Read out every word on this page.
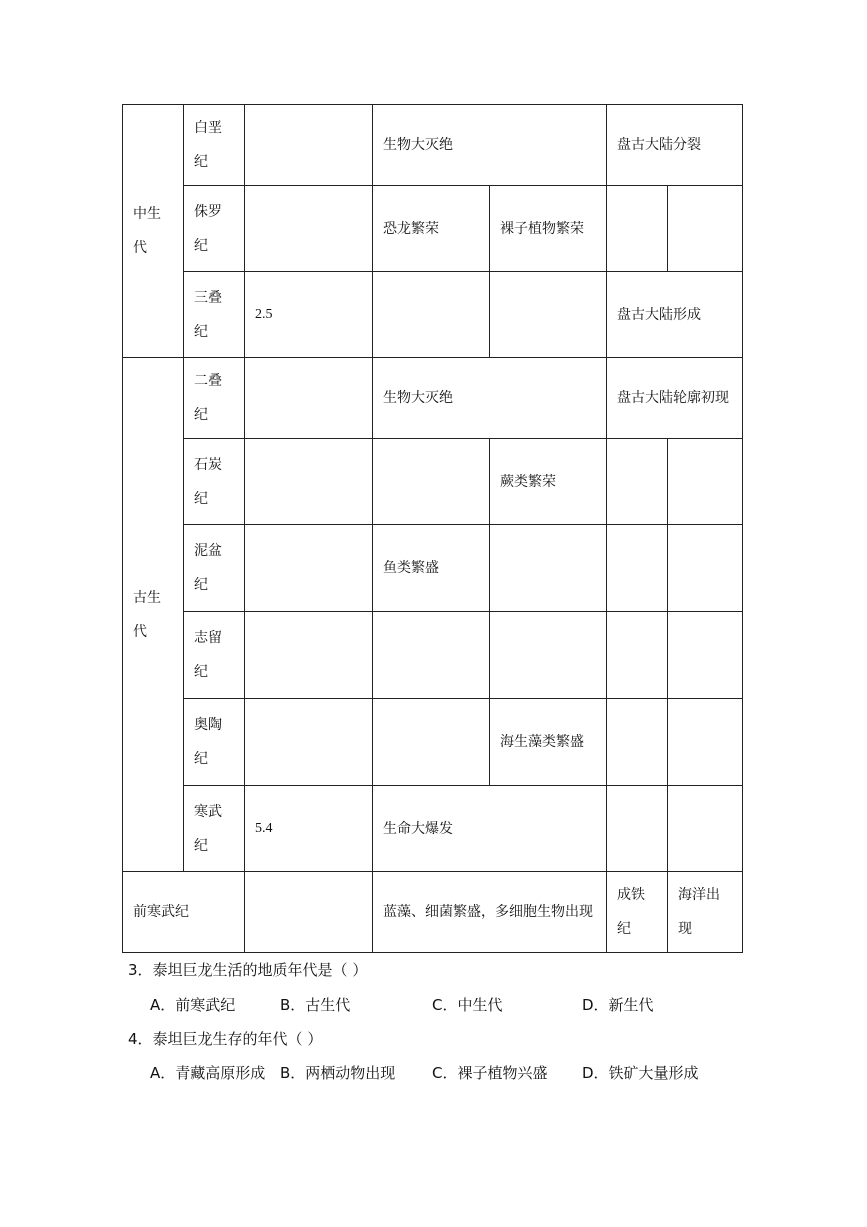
中生代	白垩纪		生物大灭绝		盘古大陆分裂	
	侏罗纪		恐龙繁荣	裸子植物繁荣		
	三叠纪	2.5			盘古大陆形成	
古生代	二叠纪		生物大灭绝		盘古大陆轮廓初现	
	石炭纪			蕨类繁荣		
	泥盆纪		鱼类繁盛			
	志留纪					
	奥陶纪			海生藻类繁盛		
	寒武纪	5.4	生命大爆发			
前寒武纪			蓝藻、细菌繁盛，多细胞生物出现		成铁纪	海洋出现
3．泰坦巨龙生活的地质年代是（ ）
A．前寒武纪	B．古生代	C．中生代	D．新生代
4．泰坦巨龙生存的年代（ ）
A．青藏高原形成 B．两栖动物出现 C．裸子植物兴盛 D．铁矿大量形成
